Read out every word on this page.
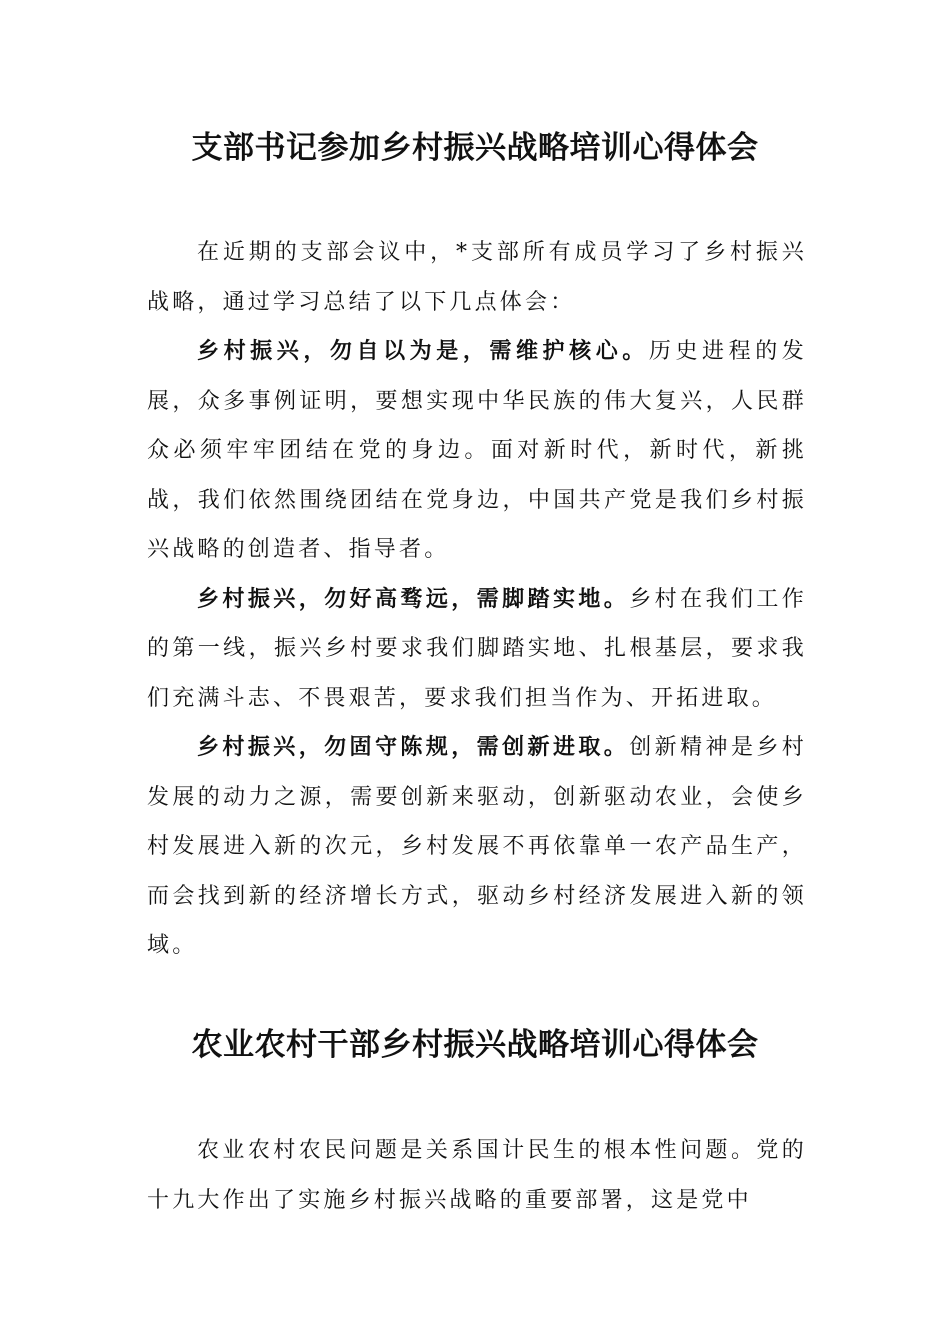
支部书记参加乡村振兴战略培训心得体会

在近期的支部会议中，*支部所有成员学习了乡村振兴战略，通过学习总结了以下几点体会：

乡村振兴，勿自以为是，需维护核心。历史进程的发展，众多事例证明，要想实现中华民族的伟大复兴，人民群众必须牢牢团结在党的身边。面对新时代，新时代，新挑战，我们依然围绕团结在党身边，中国共产党是我们乡村振兴战略的创造者、指导者。

乡村振兴，勿好高骛远，需脚踏实地。乡村在我们工作的第一线，振兴乡村要求我们脚踏实地、扎根基层，要求我们充满斗志、不畏艰苦，要求我们担当作为、开拓进取。

乡村振兴，勿固守陈规，需创新进取。创新精神是乡村发展的动力之源，需要创新来驱动，创新驱动农业，会使乡村发展进入新的次元，乡村发展不再依靠单一农产品生产，而会找到新的经济增长方式，驱动乡村经济发展进入新的领域。

农业农村干部乡村振兴战略培训心得体会

农业农村农民问题是关系国计民生的根本性问题。党的十九大作出了实施乡村振兴战略的重要部署，这是党中
